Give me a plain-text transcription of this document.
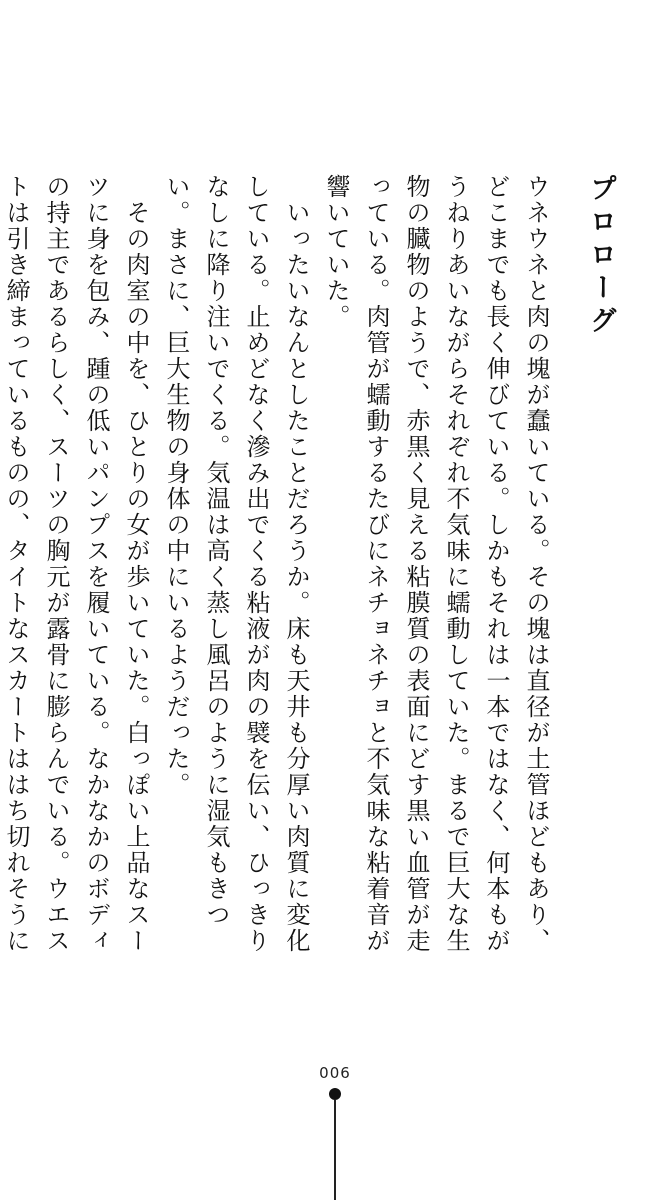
プロローグ

ウネウネと肉の塊が蠢いている。その塊は直径が土管ほどもあり、どこまでも長く伸びている。しかもそれは一本ではなく、何本もがうねりあいながらそれぞれ不気味に蠕動していた。まるで巨大な生物の臓物のようで、赤黒く見える粘膜質の表面にどす黒い血管が走っている。肉管が蠕動するたびにネチョネチョと不気味な粘着音が響いていた。

いったいなんとしたことだろうか。床も天井も分厚い肉質に変化している。止めどなく滲み出でくる粘液が肉の襞を伝い、ひっきりなしに降り注いでくる。気温は高く蒸し風呂のように湿気もきつい。まさに、巨大生物の身体の中にいるようだった。

その肉室の中を、ひとりの女が歩いていた。白っぽい上品なスーツに身を包み、踵の低いパンプスを履いている。なかなかのボディの持主であるらしく、スーツの胸元が露骨に膨らんでいる。ウエストは引き締まっているものの、タイトなスカートははち切れそうに

006
